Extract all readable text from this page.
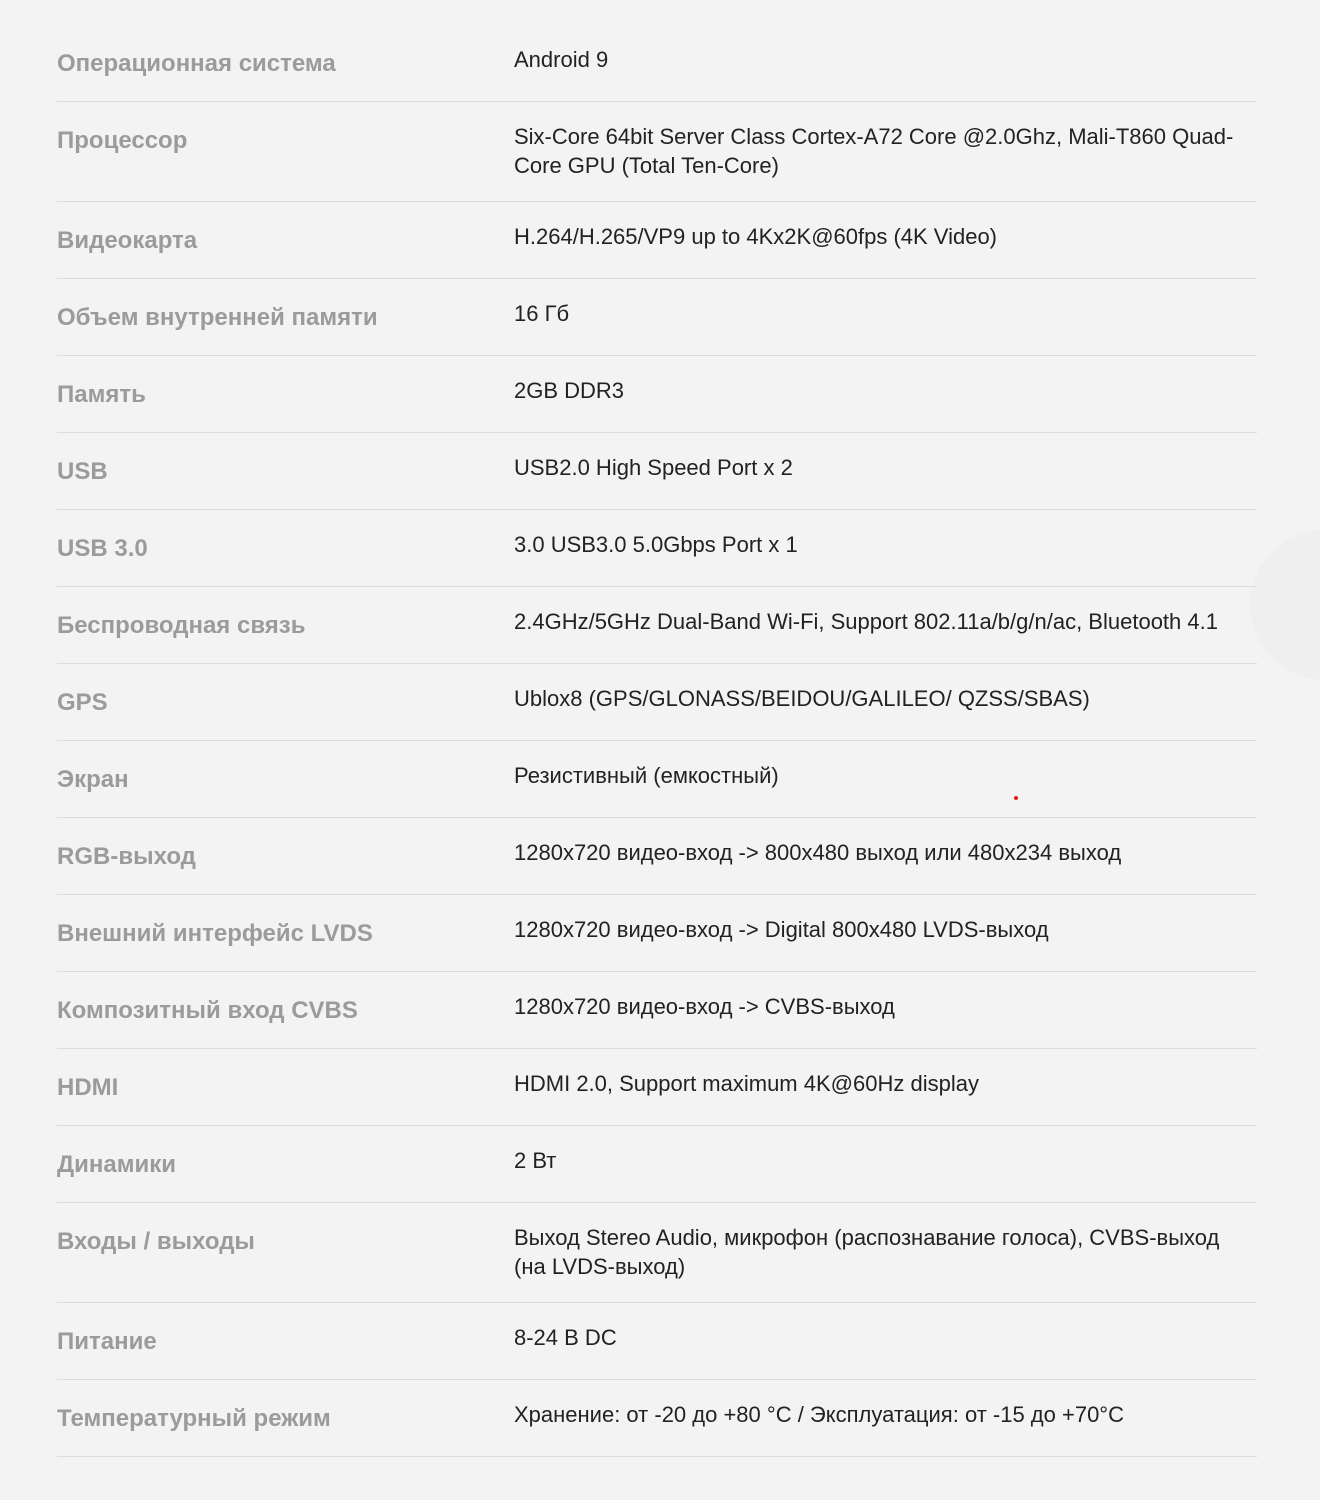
Операционная система	Android 9
Процессор	Six-Core 64bit Server Class Cortex-A72 Core @2.0Ghz, Mali-T860 Quad-Core GPU (Total Ten-Core)
Видеокарта	H.264/H.265/VP9 up to 4Kx2K@60fps (4K Video)
Объем внутренней памяти	16 Гб
Память	2GB DDR3
USB	USB2.0 High Speed Port x 2
USB 3.0	3.0 USB3.0 5.0Gbps Port x 1
Беспроводная связь	2.4GHz/5GHz Dual-Band Wi-Fi, Support 802.11a/b/g/n/ac, Bluetooth 4.1
GPS	Ublox8 (GPS/GLONASS/BEIDOU/GALILEO/ QZSS/SBAS)
Экран	Резистивный (емкостный)
RGB-выход	1280x720 видео-вход -> 800x480 выход или 480x234 выход
Внешний интерфейс LVDS	1280x720 видео-вход -> Digital 800x480 LVDS-выход
Композитный вход CVBS	1280x720 видео-вход -> CVBS-выход
HDMI	HDMI 2.0, Support maximum 4K@60Hz display
Динамики	2 Вт
Входы / выходы	Выход Stereo Audio, микрофон (распознавание голоса), CVBS-выход (на LVDS-выход)
Питание	8-24 В DC
Температурный режим	Хранение: от -20 до +80 °C / Эксплуатация: от -15 до +70°C
